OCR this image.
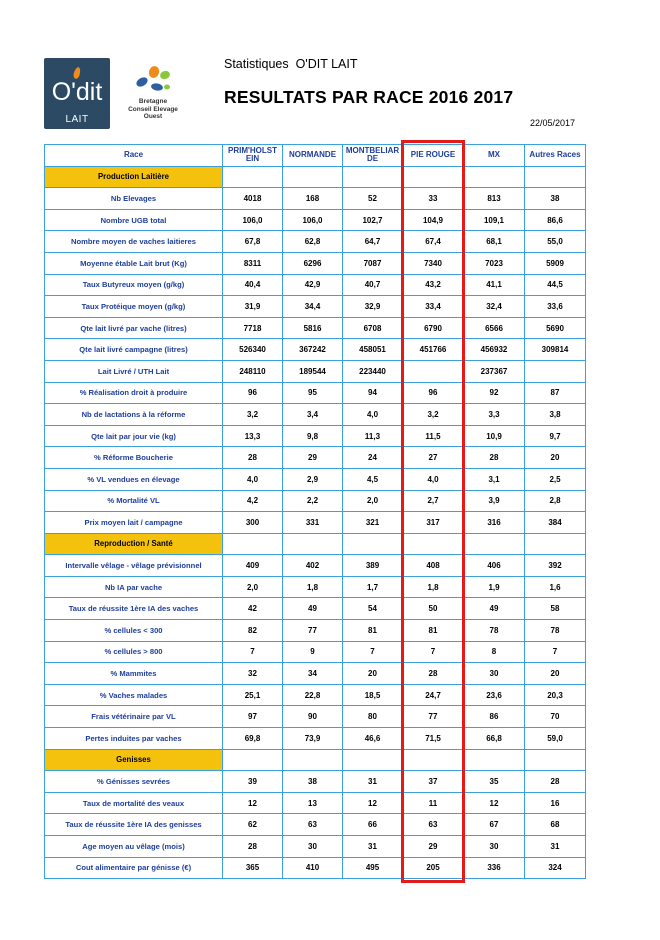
O'dit
LAIT
Bretagne
Conseil Elevage
Ouest
Statistiques O'DIT LAIT
RESULTATS PAR RACE 2016 2017
22/05/2017
Race	PRIM'HOLST EIN	NORMANDE	MONTBELIAR DE	PIE ROUGE	MX	Autres Races
Production Laitière						
Nb Elevages	4018	168	52	33	813	38
Nombre UGB total	106,0	106,0	102,7	104,9	109,1	86,6
Nombre moyen de vaches laitieres	67,8	62,8	64,7	67,4	68,1	55,0
Moyenne étable Lait brut (Kg)	8311	6296	7087	7340	7023	5909
Taux Butyreux moyen (g/kg)	40,4	42,9	40,7	43,2	41,1	44,5
Taux Protéique moyen (g/kg)	31,9	34,4	32,9	33,4	32,4	33,6
Qte lait livré par vache (litres)	7718	5816	6708	6790	6566	5690
Qte lait livré campagne (litres)	526340	367242	458051	451766	456932	309814
Lait Livré / UTH Lait	248110	189544	223440		237367	
% Réalisation droit à produire	96	95	94	96	92	87
Nb de lactations à la réforme	3,2	3,4	4,0	3,2	3,3	3,8
Qte lait par jour vie (kg)	13,3	9,8	11,3	11,5	10,9	9,7
% Réforme Boucherie	28	29	24	27	28	20
% VL vendues en élevage	4,0	2,9	4,5	4,0	3,1	2,5
% Mortalité VL	4,2	2,2	2,0	2,7	3,9	2,8
Prix moyen lait / campagne	300	331	321	317	316	384
Reproduction / Santé						
Intervalle vêlage - vêlage prévisionnel	409	402	389	408	406	392
Nb IA par vache	2,0	1,8	1,7	1,8	1,9	1,6
Taux de réussite 1ère IA des vaches	42	49	54	50	49	58
% cellules < 300	82	77	81	81	78	78
% cellules > 800	7	9	7	7	8	7
% Mammites	32	34	20	28	30	20
% Vaches malades	25,1	22,8	18,5	24,7	23,6	20,3
Frais vétérinaire par VL	97	90	80	77	86	70
Pertes induites par vaches	69,8	73,9	46,6	71,5	66,8	59,0
Genisses						
% Génisses sevrées	39	38	31	37	35	28
Taux de mortalité des veaux	12	13	12	11	12	16
Taux de réussite 1ère IA des genisses	62	63	66	63	67	68
Age moyen au vêlage (mois)	28	30	31	29	30	31
Cout alimentaire par génisse (€)	365	410	495	205	336	324
